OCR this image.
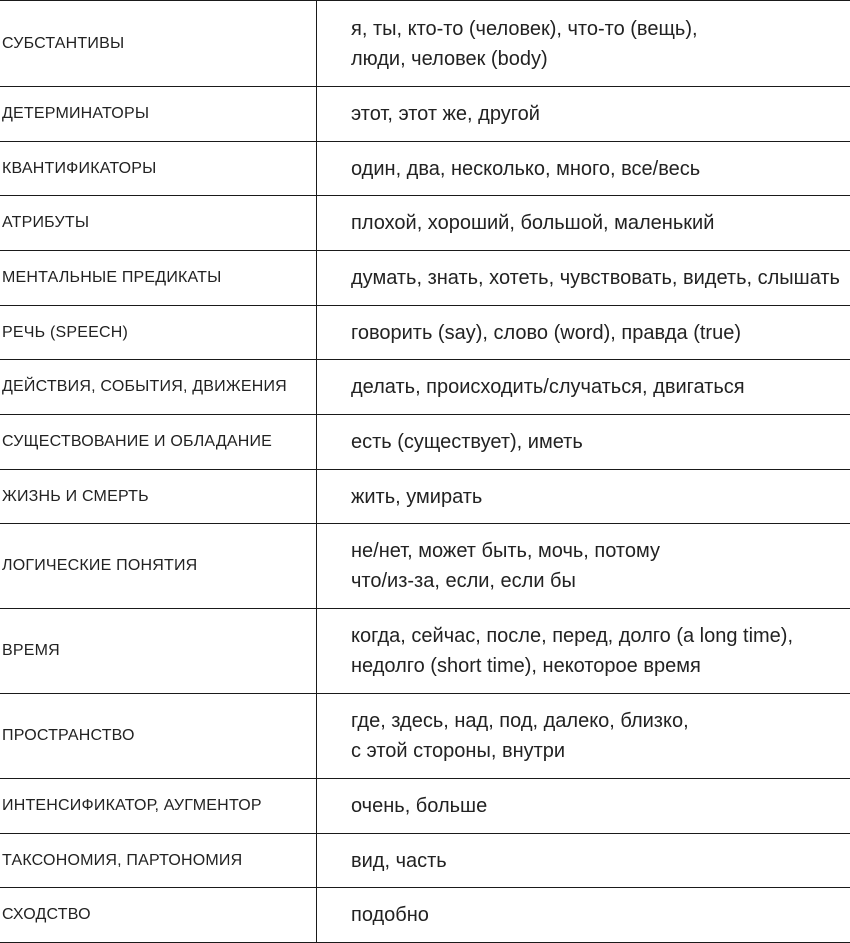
СУБСТАНТИВЫ	я, ты, кто-то (человек), что-то (вещь),
люди, человек (body)

ДЕТЕРМИНАТОРЫ	этот, этот же, другой

КВАНТИФИКАТОРЫ	один, два, несколько, много, все/весь

АТРИБУТЫ	плохой, хороший, большой, маленький

МЕНТАЛЬНЫЕ ПРЕДИКАТЫ	думать, знать, хотеть, чувствовать, видеть, слышать

РЕЧЬ (SPEECH)	говорить (say), слово (word), правда (true)

ДЕЙСТВИЯ, СОБЫТИЯ, ДВИЖЕНИЯ	делать, происходить/случаться, двигаться

СУЩЕСТВОВАНИЕ И ОБЛАДАНИЕ	есть (существует), иметь

ЖИЗНЬ И СМЕРТЬ	жить, умирать

ЛОГИЧЕСКИЕ ПОНЯТИЯ	не/нет, может быть, мочь, потому
что/из-за, если, если бы

ВРЕМЯ	когда, сейчас, после, перед, долго (a long time),
недолго (short time), некоторое время

ПРОСТРАНСТВО	где, здесь, над, под, далеко, близко,
с этой стороны, внутри

ИНТЕНСИФИКАТОР, АУГМЕНТОР	очень, больше

ТАКСОНОМИЯ, ПАРТОНОМИЯ	вид, часть

СХОДСТВО	подобно
